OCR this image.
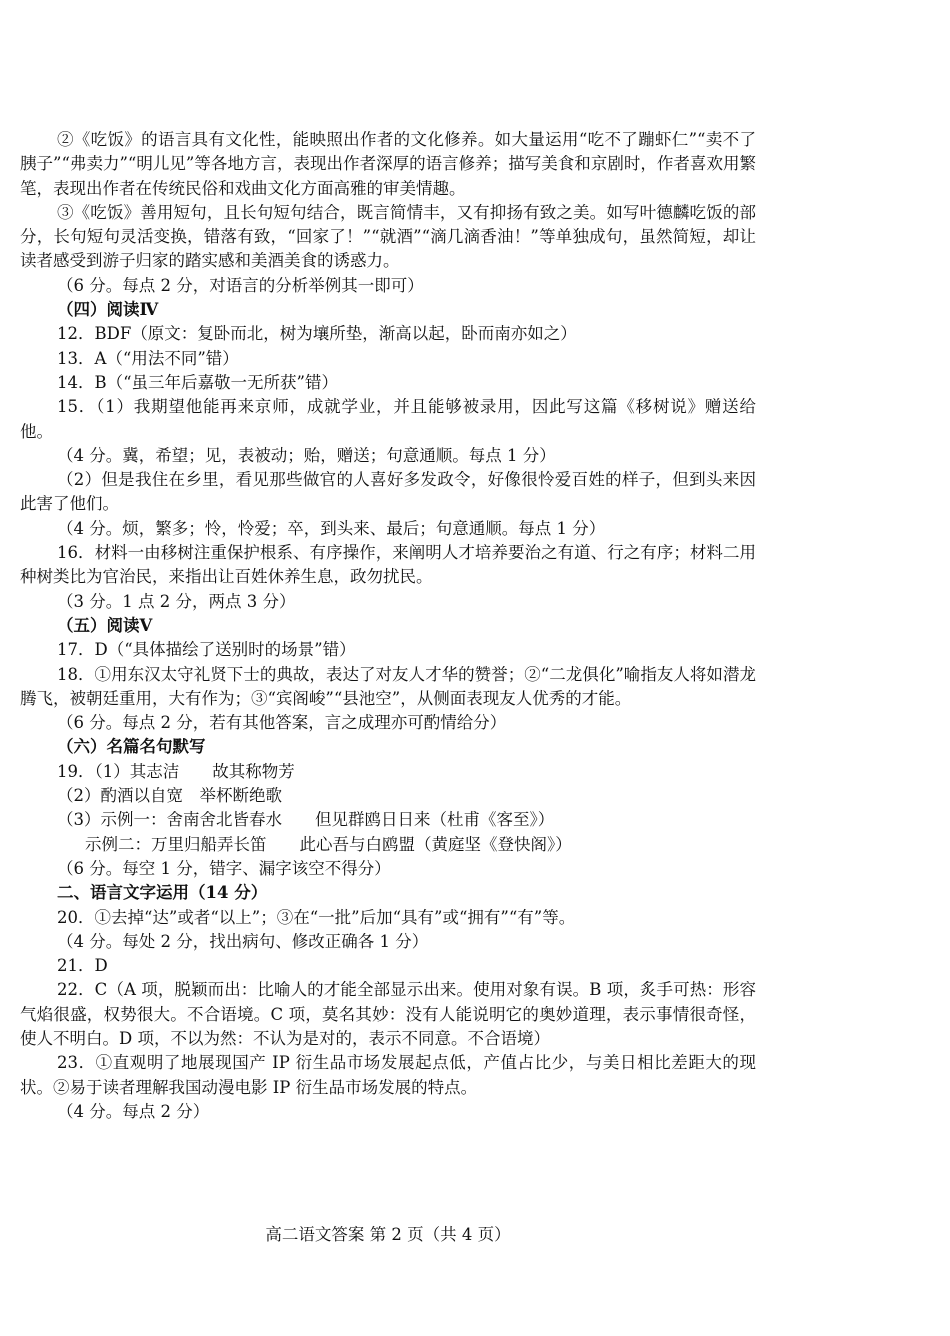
②《吃饭》的语言具有文化性，能映照出作者的文化修养。如大量运用“吃不了蹦虾仁”“卖不了胰子”“弗卖力”“明儿见”等各地方言，表现出作者深厚的语言修养；描写美食和京剧时，作者喜欢用繁笔，表现出作者在传统民俗和戏曲文化方面高雅的审美情趣。

③《吃饭》善用短句，且长句短句结合，既言简情丰，又有抑扬有致之美。如写叶德麟吃饭的部分，长句短句灵活变换，错落有致，“回家了！”“就酒”“滴几滴香油！”等单独成句，虽然简短，却让读者感受到游子归家的踏实感和美酒美食的诱惑力。

（6 分。每点 2 分，对语言的分析举例其一即可）

（四）阅读Ⅳ

12．BDF（原文：复卧而北，树为壤所垫，渐高以起，卧而南亦如之）

13．A（“用法不同”错）

14．B（“虽三年后嘉敬一无所获”错）

15．（1）我期望他能再来京师，成就学业，并且能够被录用，因此写这篇《移树说》赠送给他。

（4 分。冀，希望；见，表被动；贻，赠送；句意通顺。每点 1 分）

（2）但是我住在乡里，看见那些做官的人喜好多发政令，好像很怜爱百姓的样子，但到头来因此害了他们。

（4 分。烦，繁多；怜，怜爱；卒，到头来、最后；句意通顺。每点 1 分）

16．材料一由移树注重保护根系、有序操作，来阐明人才培养要治之有道、行之有序；材料二用种树类比为官治民，来指出让百姓休养生息，政勿扰民。

（3 分。1 点 2 分，两点 3 分）

（五）阅读Ⅴ

17．D（“具体描绘了送别时的场景”错）

18．①用东汉太守礼贤下士的典故，表达了对友人才华的赞誉；②“二龙俱化”喻指友人将如潜龙腾飞，被朝廷重用，大有作为；③“宾阁峻”“县池空”，从侧面表现友人优秀的才能。

（6 分。每点 2 分，若有其他答案，言之成理亦可酌情给分）

（六）名篇名句默写

19．（1）其志洁　　故其称物芳

（2）酌酒以自宽　举杯断绝歌

（3）示例一：舍南舍北皆春水　　但见群鸥日日来（杜甫《客至》）

示例二：万里归船弄长笛　　此心吾与白鸥盟（黄庭坚《登快阁》）

（6 分。每空 1 分，错字、漏字该空不得分）

二、语言文字运用（14 分）

20．①去掉“达”或者“以上”；③在“一批”后加“具有”或“拥有”“有”等。

（4 分。每处 2 分，找出病句、修改正确各 1 分）

21．D

22．C（A 项，脱颖而出：比喻人的才能全部显示出来。使用对象有误。B 项，炙手可热：形容气焰很盛，权势很大。不合语境。C 项，莫名其妙：没有人能说明它的奥妙道理，表示事情很奇怪，使人不明白。D 项，不以为然：不认为是对的，表示不同意。不合语境）

23．①直观明了地展现国产 IP 衍生品市场发展起点低，产值占比少，与美日相比差距大的现状。②易于读者理解我国动漫电影 IP 衍生品市场发展的特点。

（4 分。每点 2 分）

高二语文答案 第 2 页（共 4 页）
